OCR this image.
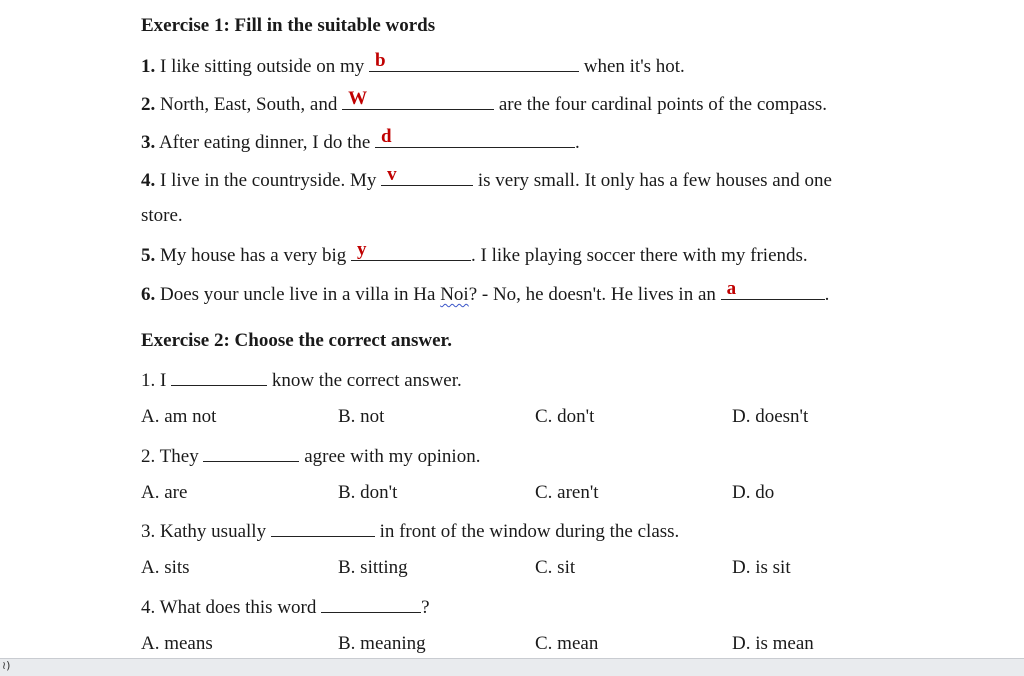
Exercise 1: Fill in the suitable words
1. I like sitting outside on my b	when it's hot.
2. North, East, South, and W	are the four cardinal points of the compass.
3. After eating dinner, I do the d	.
4. I live in the countryside. My v	is very small. It only has a few houses and one
store.
5. My house has a very big y	. I like playing soccer there with my friends.
6. Does your uncle live in a villa in Ha Noi? - No, he doesn't. He lives in an a	.
Exercise 2: Choose the correct answer.
1. I	know the correct answer.
A. am not	B. not	C. don't	D. doesn't
2. They	agree with my opinion.
A. are	B. don't	C. aren't	D. do
3. Kathy usually	in front of the window during the class.
A. sits	B. sitting	C. sit	D. is sit
4. What does this word	?
A. means	B. meaning	C. mean	D. is mean
≀)
